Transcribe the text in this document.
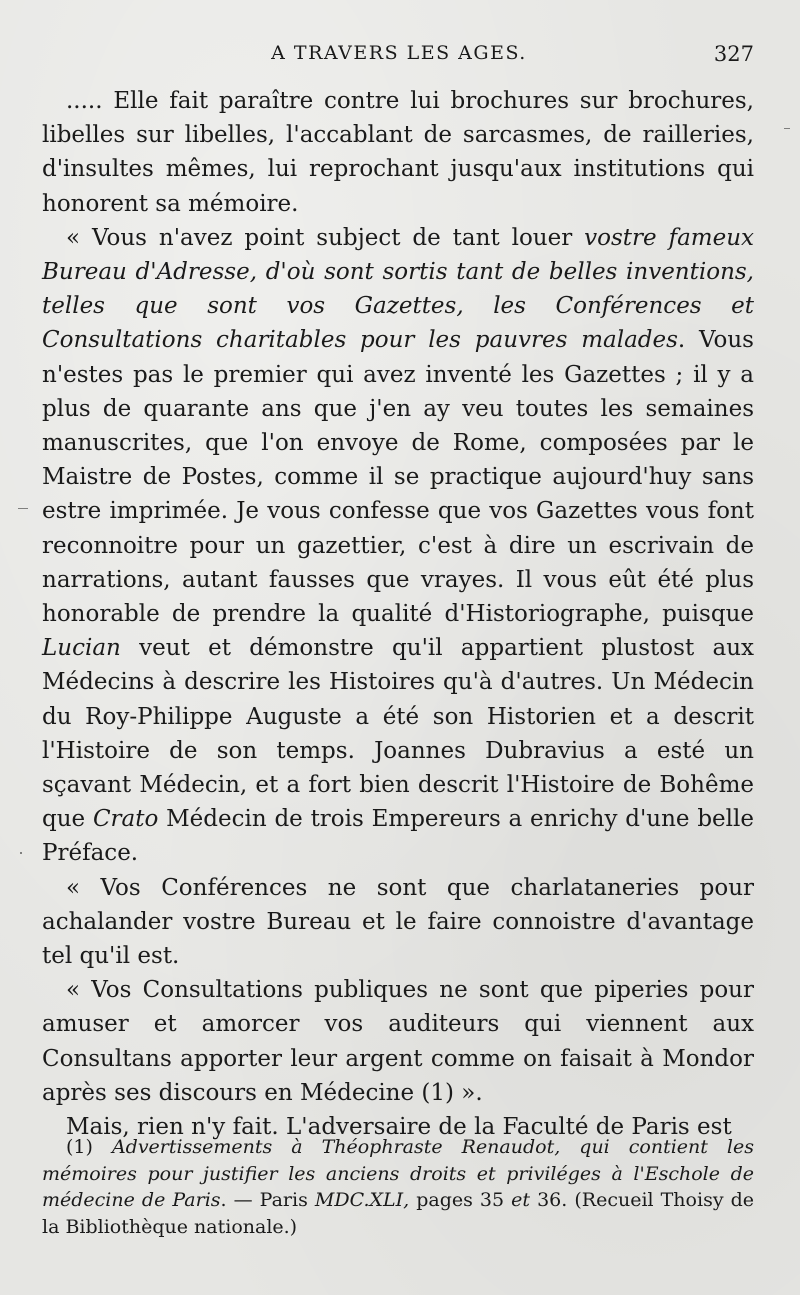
A TRAVERS LES AGES.	327

..... Elle fait paraître contre lui brochures sur brochures, libelles sur libelles, l'accablant de sarcasmes, de railleries, d'insultes mêmes, lui reprochant jusqu'aux institutions qui honorent sa mémoire.

« Vous n'avez point subject de tant louer vostre fameux Bureau d'Adresse, d'où sont sortis tant de belles inventions, telles que sont vos Gazettes, les Conférences et Consultations charitables pour les pauvres malades. Vous n'estes pas le premier qui avez inventé les Gazettes ; il y a plus de quarante ans que j'en ay veu toutes les semaines manuscrites, que l'on envoye de Rome, composées par le Maistre de Postes, comme il se practique aujourd'huy sans estre imprimée. Je vous confesse que vos Gazettes vous font reconnoitre pour un gazettier, c'est à dire un escrivain de narrations, autant fausses que vrayes. Il vous eût été plus honorable de prendre la qualité d'Historiographe, puisque Lucian veut et démonstre qu'il appartient plustost aux Médecins à descrire les Histoires qu'à d'autres. Un Médecin du Roy-Philippe Auguste a été son Historien et a descrit l'Histoire de son temps. Joannes Dubravius a esté un sçavant Médecin, et a fort bien descrit l'Histoire de Bohême que Crato Médecin de trois Empereurs a enrichy d'une belle Préface.

« Vos Conférences ne sont que charlataneries pour achalander vostre Bureau et le faire connoistre d'avantage tel qu'il est.

« Vos Consultations publiques ne sont que piperies pour amuser et amorcer vos auditeurs qui viennent aux Consultans apporter leur argent comme on faisait à Mondor après ses discours en Médecine (1) ».

Mais, rien n'y fait. L'adversaire de la Faculté de Paris est

(1) Advertissements à Théophraste Renaudot, qui contient les mémoires pour justifier les anciens droits et priviléges à l'Eschole de médecine de Paris. — Paris MDC.XLI, pages 35 et 36. (Recueil Thoisy de la Bibliothèque nationale.)
